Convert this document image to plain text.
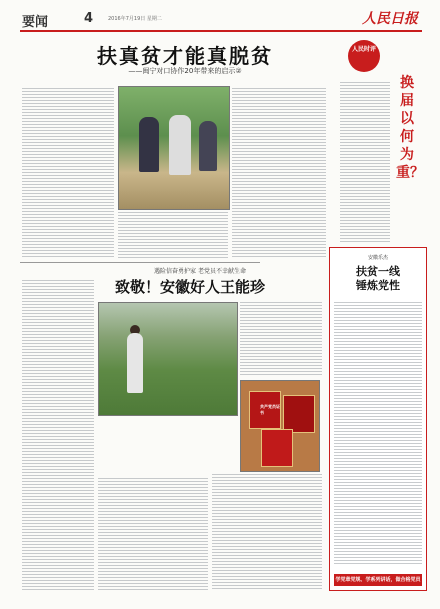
要闻	4	2016年7月19日 星期二	人民日报
扶真贫才能真脱贫
——闽宁对口协作20年带来的启示②
人民时评
换届以何为重？
遇险信奋勇护家 老党员不幸献生命
致敬！安徽好人王能珍
共产党员证书
安徽乐杰
扶贫一线
锤炼党性
学党章党规、学系列讲话，做合格党员
